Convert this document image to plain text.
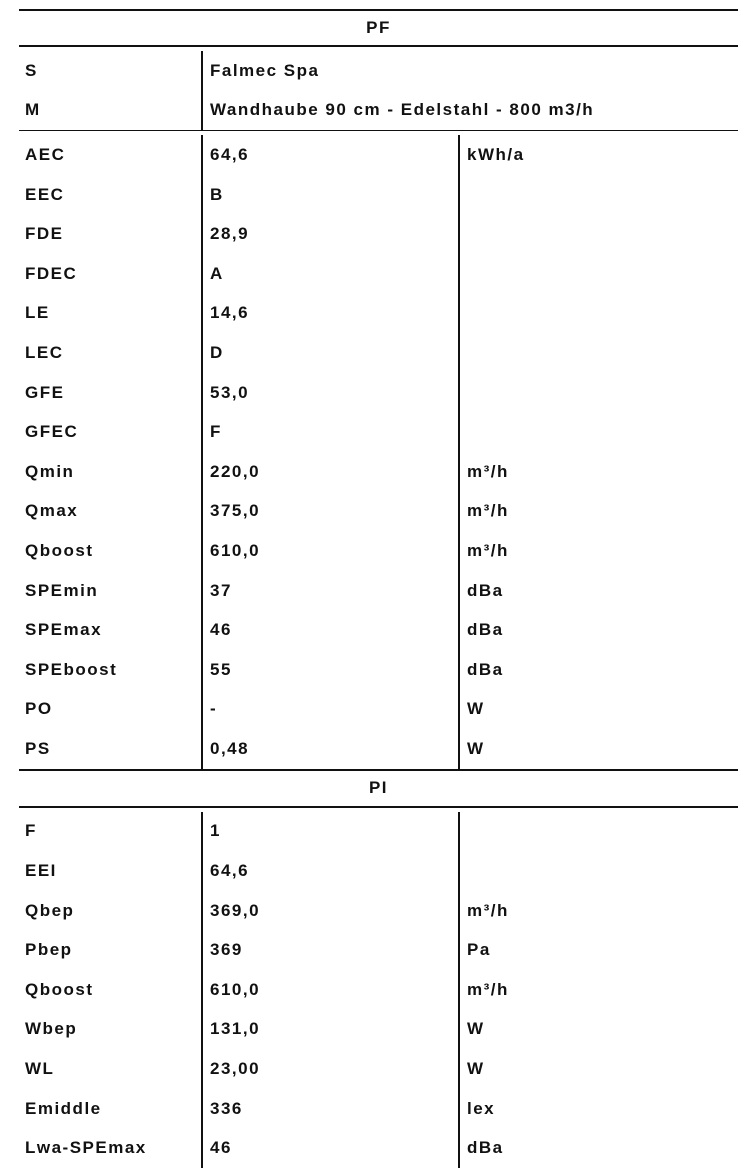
PF
S	Falmec Spa
M	Wandhaube 90 cm - Edelstahl - 800 m3/h
AEC	64,6	kWh/a
EEC	B
FDE	28,9
FDEC	A
LE	14,6
LEC	D
GFE	53,0
GFEC	F
Qmin	220,0	m³/h
Qmax	375,0	m³/h
Qboost	610,0	m³/h
SPEmin	37	dBa
SPEmax	46	dBa
SPEboost	55	dBa
PO	-	W
PS	0,48	W
PI
F	1
EEI	64,6
Qbep	369,0	m³/h
Pbep	369	Pa
Qboost	610,0	m³/h
Wbep	131,0	W
WL	23,00	W
Emiddle	336	lex
Lwa-SPEmax	46	dBa
